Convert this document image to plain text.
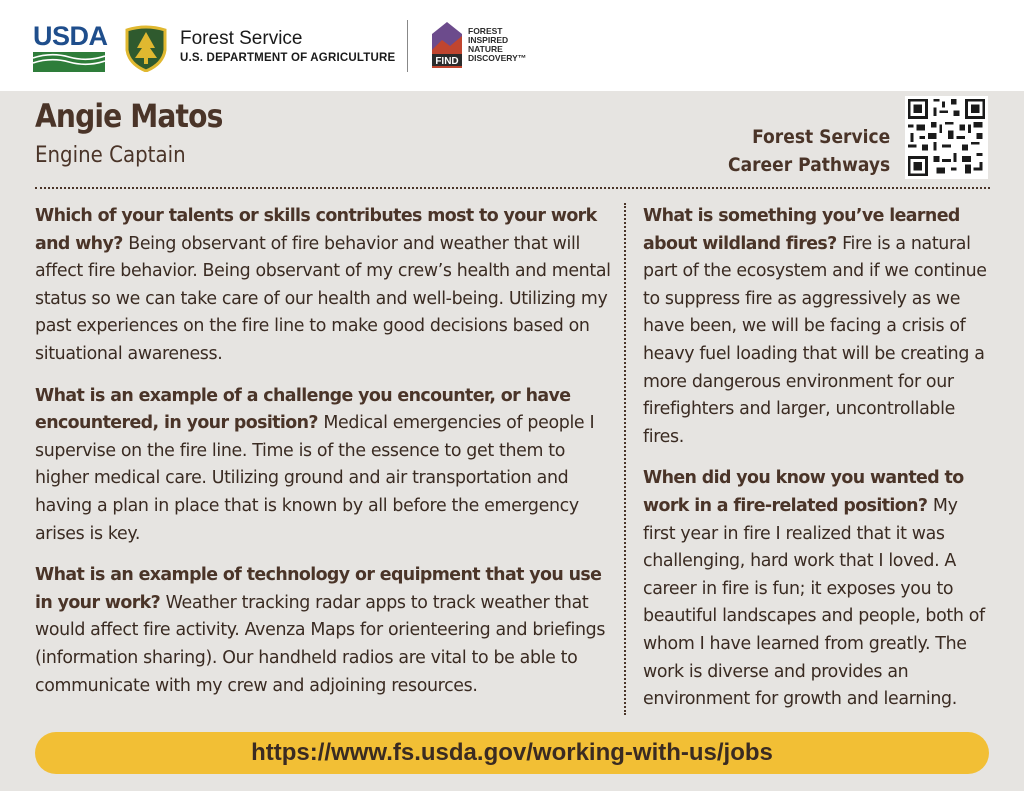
USDA	Forest Service
U.S. DEPARTMENT OF AGRICULTURE	FIND
FOREST
INSPIRED
NATURE
DISCOVERY™
Angie Matos
Engine Captain
Forest Service
Career Pathways
Which of your talents or skills contributes most to your work and why? Being observant of fire behavior and weather that will affect fire behavior. Being observant of my crew’s health and mental status so we can take care of our health and well-being. Utilizing my past experiences on the fire line to make good decisions based on situational awareness.
What is an example of a challenge you encounter, or have encountered, in your position? Medical emergencies of people I supervise on the fire line. Time is of the essence to get them to higher medical care. Utilizing ground and air transportation and having a plan in place that is known by all before the emergency arises is key.
What is an example of technology or equipment that you use in your work? Weather tracking radar apps to track weather that would affect fire activity. Avenza Maps for orienteering and briefings (information sharing). Our handheld radios are vital to be able to communicate with my crew and adjoining resources.
What is something you’ve learned about wildland fires? Fire is a natural part of the ecosystem and if we continue to suppress fire as aggressively as we have been, we will be facing a crisis of heavy fuel loading that will be creating a more dangerous environment for our firefighters and larger, uncontrollable fires.
When did you know you wanted to work in a fire-related position? My first year in fire I realized that it was challenging, hard work that I loved. A career in fire is fun; it exposes you to beautiful landscapes and people, both of whom I have learned from greatly. The work is diverse and provides an environment for growth and learning.
https://www.fs.usda.gov/working-with-us/jobs
